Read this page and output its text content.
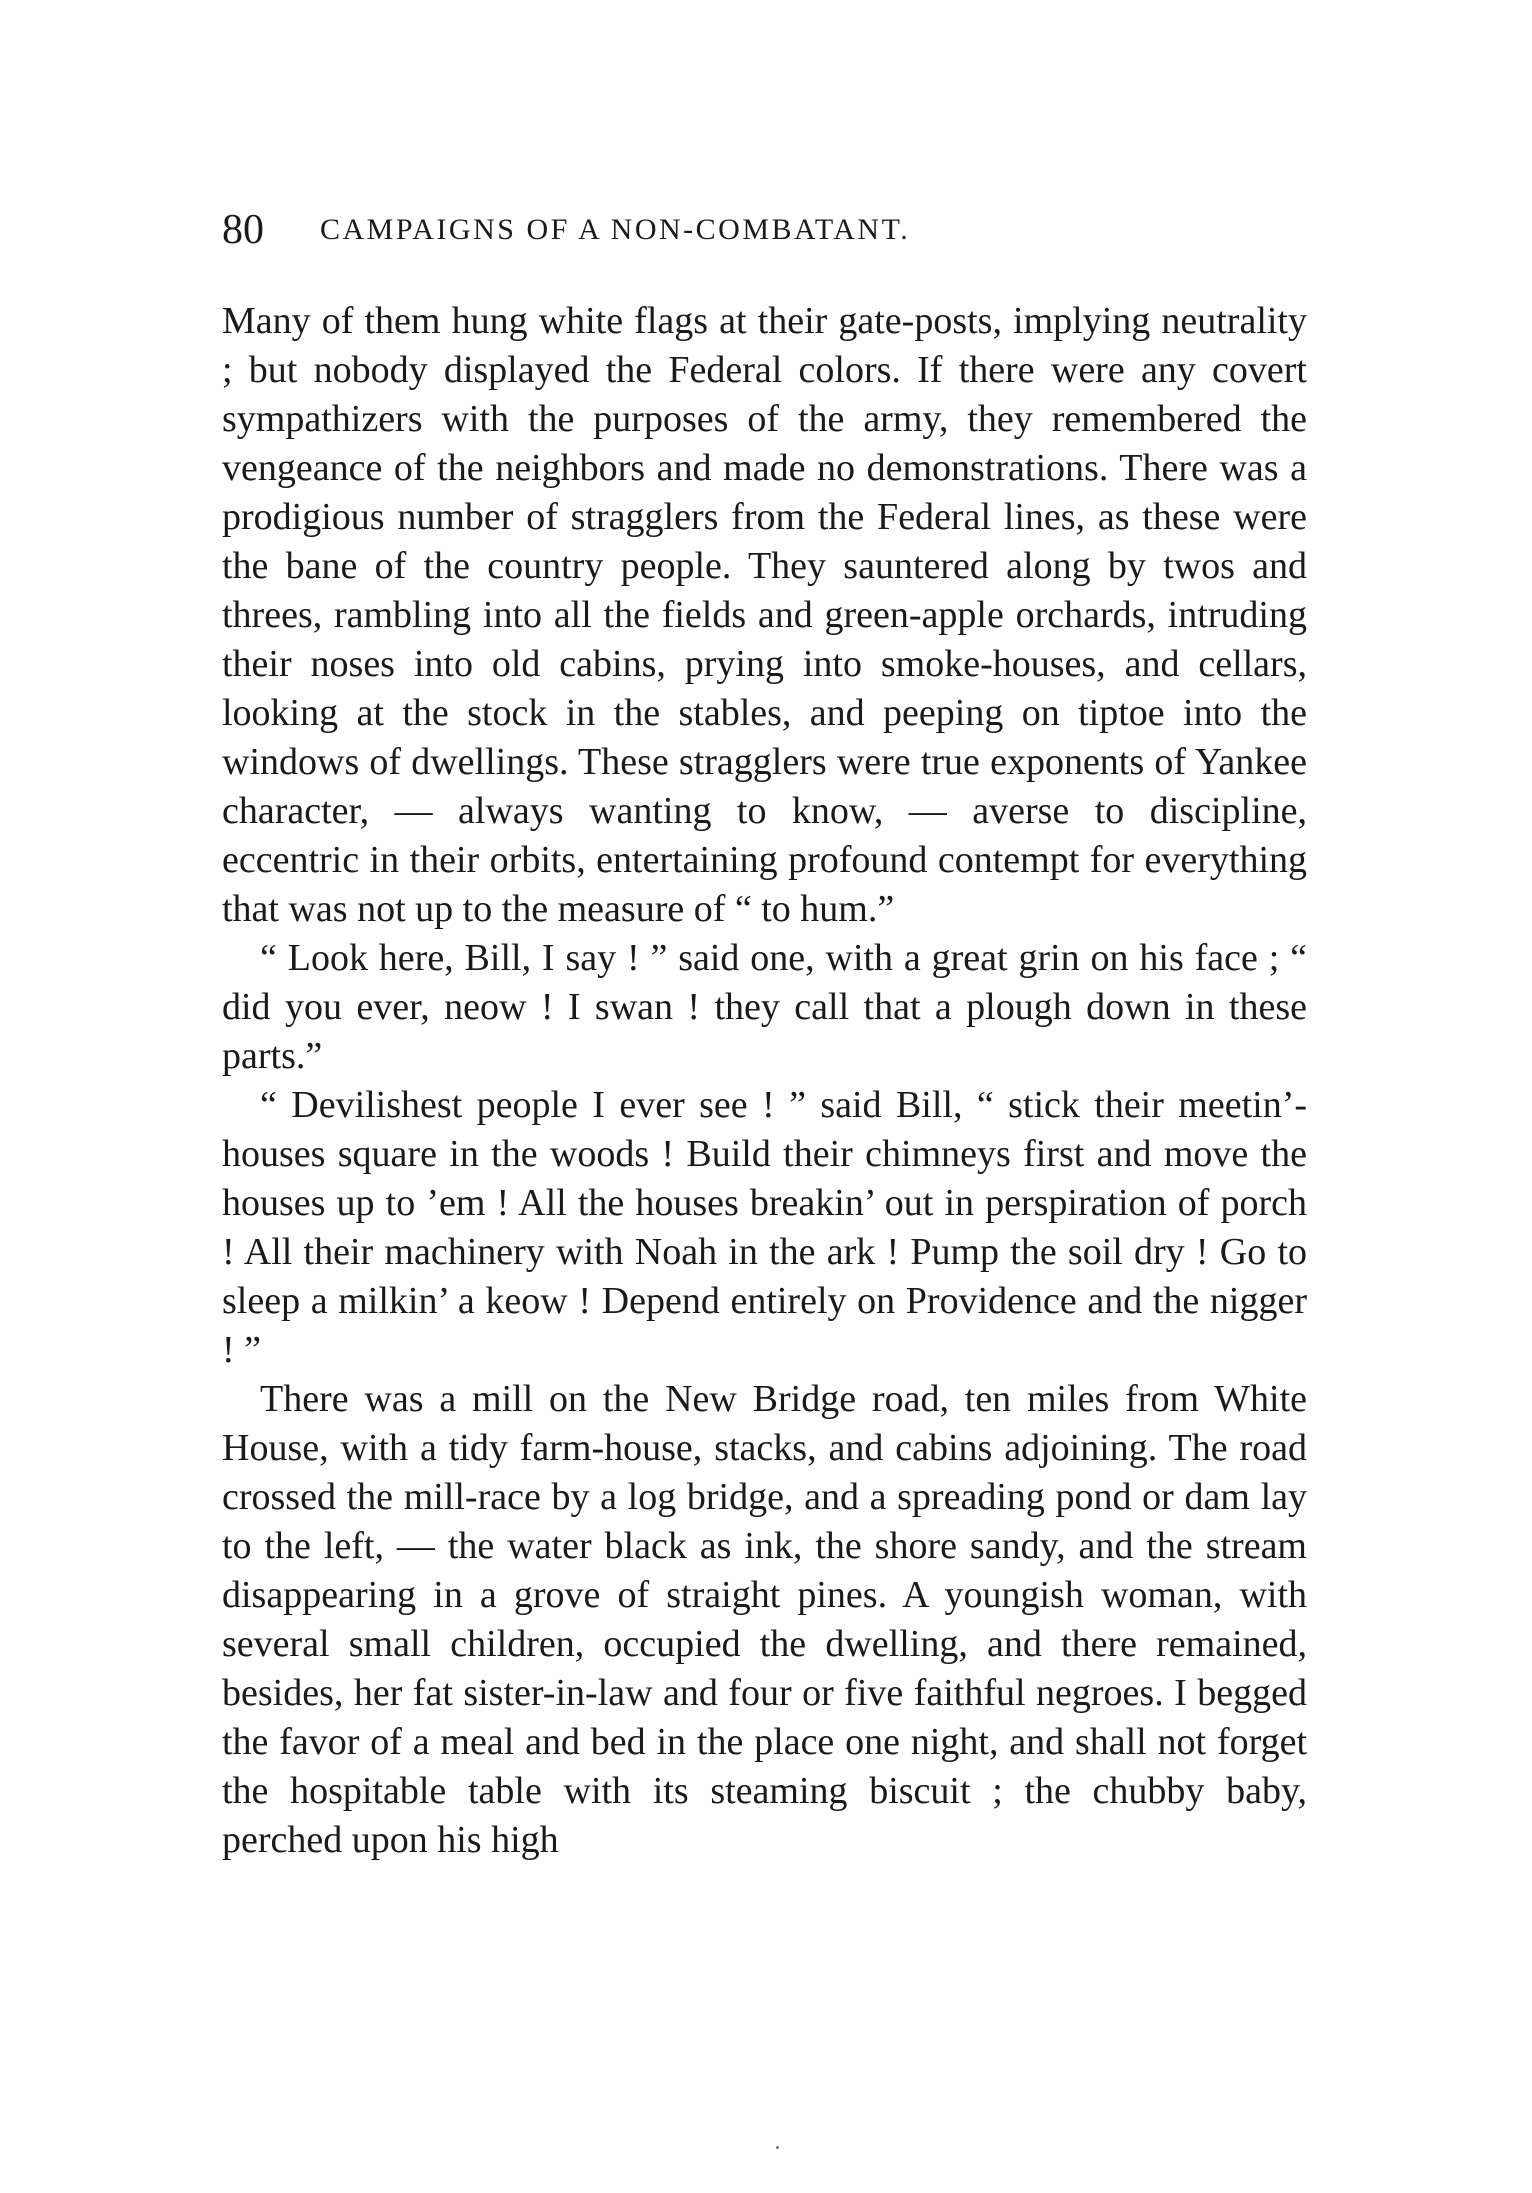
80 CAMPAIGNS OF A NON-COMBATANT.

Many of them hung white flags at their gate-posts, implying neutrality ; but nobody displayed the Federal colors. If there were any covert sympathizers with the purposes of the army, they remembered the vengeance of the neighbors and made no demonstrations. There was a prodigious number of stragglers from the Federal lines, as these were the bane of the country people. They sauntered along by twos and threes, rambling into all the fields and green-apple orchards, intruding their noses into old cabins, prying into smoke-houses, and cellars, looking at the stock in the stables, and peeping on tiptoe into the windows of dwellings. These stragglers were true exponents of Yankee character, — always wanting to know, — averse to discipline, eccentric in their orbits, entertaining profound contempt for everything that was not up to the measure of “ to hum.”

“ Look here, Bill, I say ! ” said one, with a great grin on his face ; “ did you ever, neow ! I swan ! they call that a plough down in these parts.”

“ Devilishest people I ever see ! ” said Bill, “ stick their meetin’-houses square in the woods ! Build their chimneys first and move the houses up to ’em ! All the houses breakin’ out in perspiration of porch ! All their machinery with Noah in the ark ! Pump the soil dry ! Go to sleep a milkin’ a keow ! Depend entirely on Providence and the nigger ! ”

There was a mill on the New Bridge road, ten miles from White House, with a tidy farm-house, stacks, and cabins adjoining. The road crossed the mill-race by a log bridge, and a spreading pond or dam lay to the left, — the water black as ink, the shore sandy, and the stream disappearing in a grove of straight pines. A youngish woman, with several small children, occupied the dwelling, and there remained, besides, her fat sister-in-law and four or five faithful negroes. I begged the favor of a meal and bed in the place one night, and shall not forget the hospitable table with its steaming biscuit ; the chubby baby, perched upon his high
